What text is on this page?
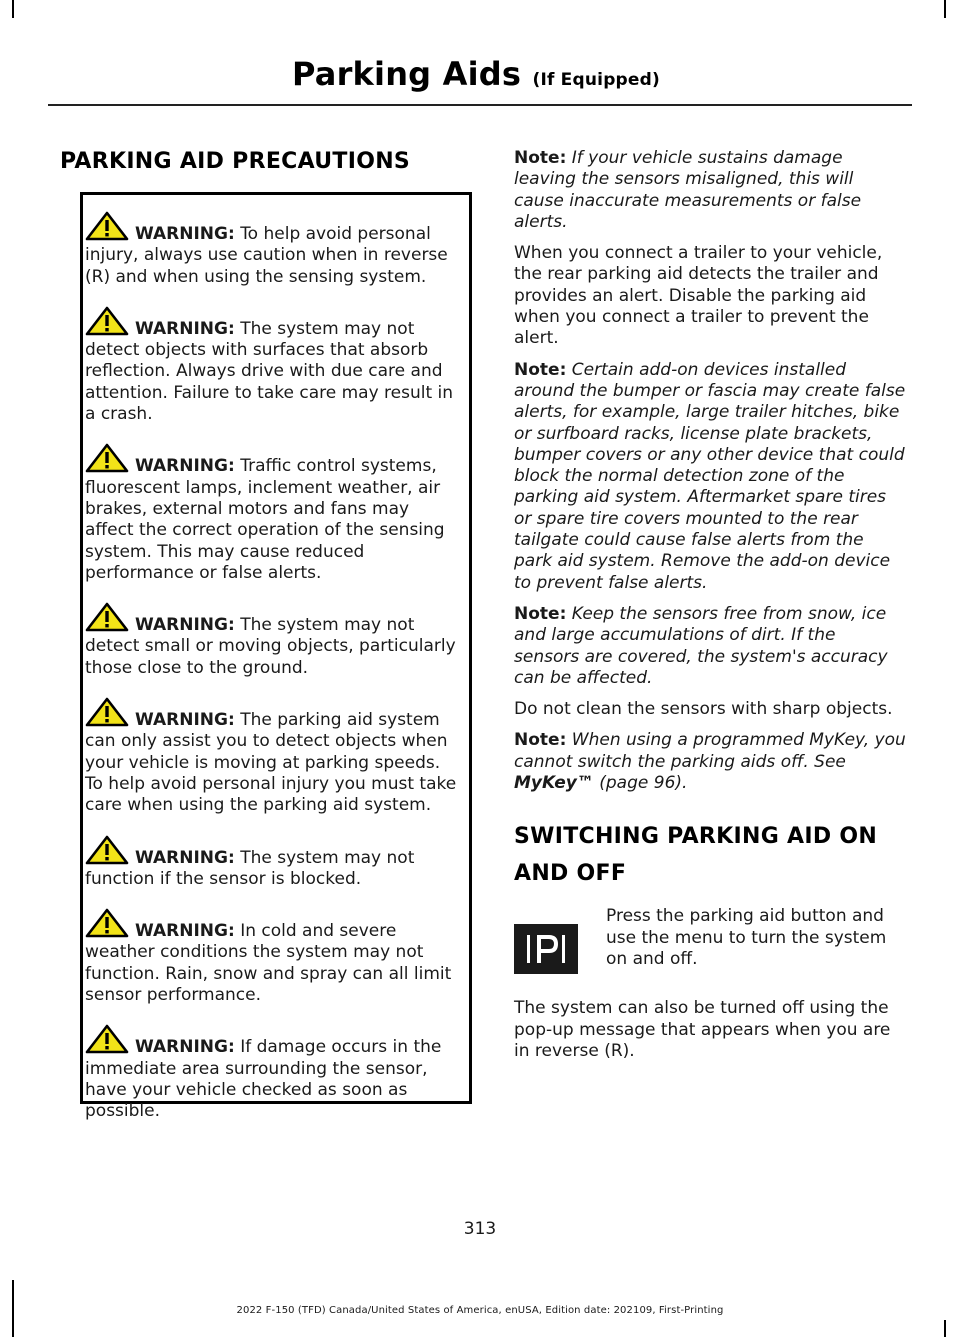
Parking Aids (If Equipped)
PARKING AID PRECAUTIONS

WARNING: To help avoid personal injury, always use caution when in reverse (R) and when using the sensing system.

WARNING: The system may not detect objects with surfaces that absorb reflection. Always drive with due care and attention. Failure to take care may result in a crash.

WARNING: Traffic control systems, fluorescent lamps, inclement weather, air brakes, external motors and fans may affect the correct operation of the sensing system. This may cause reduced performance or false alerts.

WARNING: The system may not detect small or moving objects, particularly those close to the ground.

WARNING: The parking aid system can only assist you to detect objects when your vehicle is moving at parking speeds. To help avoid personal injury you must take care when using the parking aid system.

WARNING: The system may not function if the sensor is blocked.

WARNING: In cold and severe weather conditions the system may not function. Rain, snow and spray can all limit sensor performance.

WARNING: If damage occurs in the immediate area surrounding the sensor, have your vehicle checked as soon as possible.

Note: If your vehicle sustains damage leaving the sensors misaligned, this will cause inaccurate measurements or false alerts.

When you connect a trailer to your vehicle, the rear parking aid detects the trailer and provides an alert. Disable the parking aid when you connect a trailer to prevent the alert.

Note: Certain add-on devices installed around the bumper or fascia may create false alerts, for example, large trailer hitches, bike or surfboard racks, license plate brackets, bumper covers or any other device that could block the normal detection zone of the parking aid system. Aftermarket spare tires or spare tire covers mounted to the rear tailgate could cause false alerts from the park aid system. Remove the add-on device to prevent false alerts.

Note: Keep the sensors free from snow, ice and large accumulations of dirt. If the sensors are covered, the system's accuracy can be affected.

Do not clean the sensors with sharp objects.

Note: When using a programmed MyKey, you cannot switch the parking aids off. See MyKey™ (page 96).

SWITCHING PARKING AID ON
AND OFF
Press the parking aid button and use the menu to turn the system on and off.

The system can also be turned off using the pop-up message that appears when you are in reverse (R).

313
2022 F-150 (TFD) Canada/United States of America, enUSA, Edition date: 202109, First-Printing
